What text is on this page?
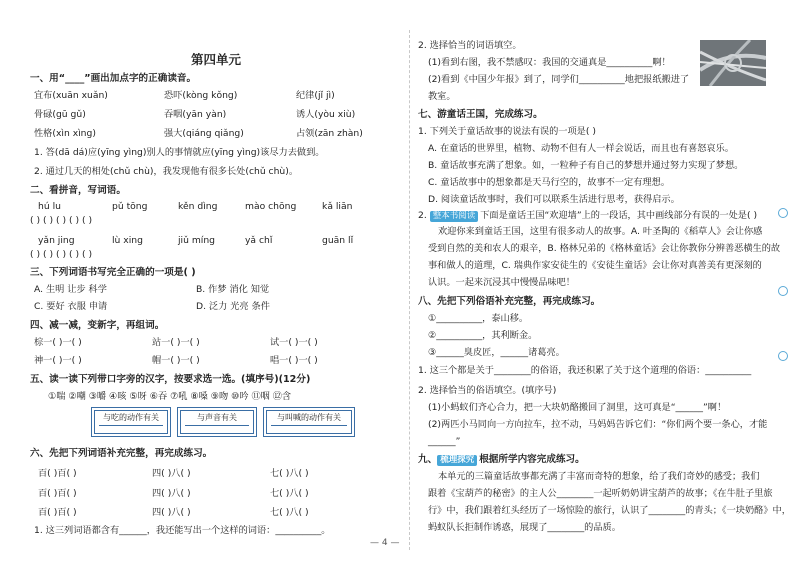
第四单元
一、用“____”画出加点字的正确读音。
宜布(xuān xuǎn)	恐吓(kòng kǒng)	纪律(jǐ jì)
骨碌(gū gǔ)	吞咽(yān yàn)	诱人(yòu xiù)
性格(xìn xìng)	强大(qiáng qiǎng)	占领(zān zhàn)
1. 答(dā dá)应(yīng yìng)别人的事情就应(yīng yìng)该尽力去做到。
2. 通过几天的相处(chǔ chù)，我发现他有很多长处(chǔ chù)。
二、看拼音，写词语。
hú lu	pǔ tōng	kěn dìng	mào chōng	kǎ liān
( ) ( ) ( ) ( ) ( )
yǎn jing	lù xing	jiǔ míng	yǎ chǐ	guān lǐ
( ) ( ) ( ) ( ) ( )
三、下列词语书写完全正确的一项是( )
A. 生明 让步 科学	B. 作梦 消化 知觉
C. 要好 衣服 申请	D. 泛力 光亮 条件
四、减一减，变新字，再组词。
棕一( )一( )	站一( )一( )	试一( )一( )
神一( )一( )	帽一( )一( )	唱一( )一( )
五、读一读下列带口字旁的汉字，按要求选一选。(填序号)(12分)
①喘 ②嘲 ③嚼 ④咳 ⑤呀 ⑥吞 ⑦吼 ⑧嗓 ⑨吻 ⑩吟 ⑪咽 ⑫含
与吃的动作有关	与声音有关	与叫喊的动作有关
六、先把下列词语补充完整，再完成练习。
百( )百( )	四( )八( )	七( )八( )
百( )百( )	四( )八( )	七( )八( )
百( )百( )	四( )八( )	七( )八( )
1. 这三列词语都含有______，我还能写出一个这样的词语：__________。
2. 选择恰当的词语填空。
(1)看到右图，我不禁感叹：我国的交通真是__________啊！
(2)看到《中国少年报》到了，同学们__________地把报纸搬进了
教室。
七、游童话王国，完成练习。
1. 下列关于童话故事的说法有误的一项是( )
A. 在童话的世界里，植物、动物不但有人一样会说话，而且也有喜怒哀乐。
B. 童话故事充满了想象。如，一粒种子有自己的梦想并通过努力实现了梦想。
C. 童话故事中的想象都是天马行空的，故事不一定有理想。
D. 阅读童话故事时，我们可以联系生活进行思考，获得启示。
2. 整本书阅读 下面是童话王国“欢迎墙”上的一段话，其中画线部分有误的一处是( )
欢迎你来到童话王国，这里有很多动人的故事。A. 叶圣陶的《稻草人》会让你感
受到自然的美和农人的艰辛，B. 格林兄弟的《格林童话》会让你教你分辨善恶横生的故
事和做人的道理，C. 瑞典作家安徒生的《安徒生童话》会让你对真善美有更深刻的
认识。一起来沉浸其中慢慢品味吧！
八、先把下列俗语补充完整，再完成练习。
①__________，泰山移。
②__________，其利断金。
③______臭皮匠，______诸葛亮。
1. 这三个都是关于________的俗语，我还积累了关于这个道理的俗语：__________
2. 选择恰当的俗语填空。(填序号)
(1)小蚂蚁们齐心合力，把一大块奶酪搬回了洞里，这可真是“______”啊！
(2)两匹小马同向一方向拉车，拉不动，马妈妈告诉它们：“你们两个要一条心，才能
______”
九、 梳理探究 根据所学内容完成练习。
本单元的三篇童话故事都充满了丰富而奇特的想象，给了我们奇妙的感受；我们
跟着《宝葫芦的秘密》的主人公________一起听奶奶讲宝葫芦的故事；《在牛肚子里旅
行》中，我们跟着红头经历了一场惊险的旅行，认识了________的青头；《一块奶酪》中，
蚂蚁队长拒制作诱惑，展现了________的品质。
— 4 —
